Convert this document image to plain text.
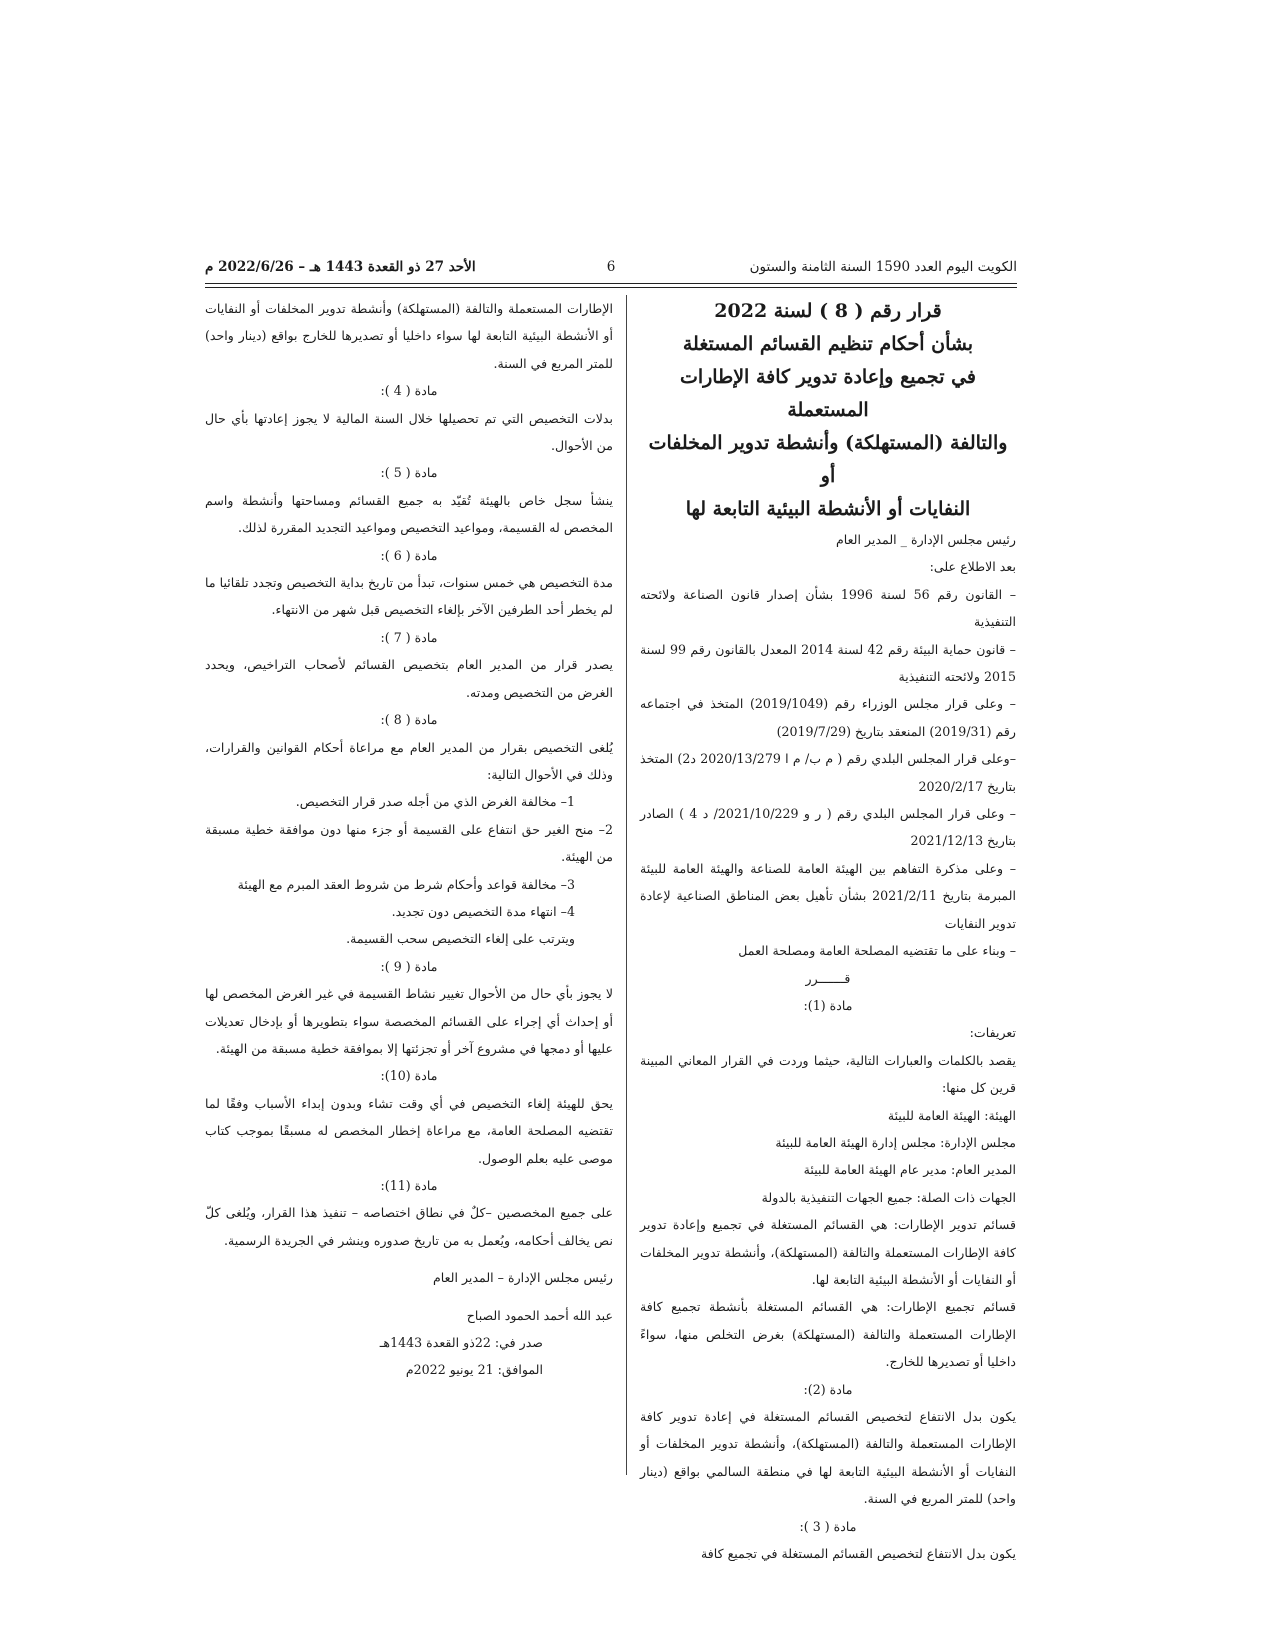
الكويت اليوم العدد 1590 السنة الثامنة والستون
6
الأحد 27 ذو القعدة 1443 هـ – 2022/6/26 م

قرار رقم ( 8 ) لسنة 2022

بشأن أحكام تنظيم القسائم المستغلة

في تجميع وإعادة تدوير كافة الإطارات المستعملة

والتالفة (المستهلكة) وأنشطة تدوير المخلفات أو

النفايات أو الأنشطة البيئية التابعة لها

رئيس مجلس الإدارة _ المدير العام

بعد الاطلاع على:

– القانون رقم 56 لسنة 1996 بشأن إصدار قانون الصناعة ولائحته التنفيذية

– قانون حماية البيئة رقم 42 لسنة 2014 المعدل بالقانون رقم 99 لسنة 2015 ولائحته التنفيذية

– وعلى قرار مجلس الوزراء رقم (2019/1049) المتخذ في اجتماعه رقم (2019/31) المنعقد بتاريخ (2019/7/29)

–وعلى قرار المجلس البلدي رقم ( م ب/ م ا 2020/13/279 د2) المتخذ بتاريخ 2020/2/17

– وعلى قرار المجلس البلدي رقم ( ر و 2021/10/229/ د 4 ) الصادر بتاريخ 2021/12/13

– وعلى مذكرة التفاهم بين الهيئة العامة للصناعة والهيئة العامة للبيئة المبرمة بتاريخ 2021/2/11 بشأن تأهيل بعض المناطق الصناعية لإعادة تدوير النفايات

– وبناء على ما تقتضيه المصلحة العامة ومصلحة العمل

قـــــــرر

مادة (1):

تعريفات:

يقصد بالكلمات والعبارات التالية، حيثما وردت في القرار المعاني المبينة قرين كل منها:

الهيئة: الهيئة العامة للبيئة

مجلس الإدارة: مجلس إدارة الهيئة العامة للبيئة

المدير العام: مدير عام الهيئة العامة للبيئة

الجهات ذات الصلة: جميع الجهات التنفيذية بالدولة

قسائم تدوير الإطارات: هي القسائم المستغلة في تجميع وإعادة تدوير كافة الإطارات المستعملة والتالفة (المستهلكة)، وأنشطة تدوير المخلفات أو النفايات أو الأنشطة البيئية التابعة لها.

قسائم تجميع الإطارات: هي القسائم المستغلة بأنشطة تجميع كافة الإطارات المستعملة والتالفة (المستهلكة) بغرض التخلص منها، سواءً داخليا أو تصديرها للخارج.

مادة (2):

يكون بدل الانتفاع لتخصيص القسائم المستغلة في إعادة تدوير كافة الإطارات المستعملة والتالفة (المستهلكة)، وأنشطة تدوير المخلفات أو النفايات أو الأنشطة البيئية التابعة لها في منطقة السالمي بواقع (دينار واحد) للمتر المربع في السنة.

مادة ( 3 ):

يكون بدل الانتفاع لتخصيص القسائم المستغلة في تجميع كافة

الإطارات المستعملة والتالفة (المستهلكة) وأنشطة تدوير المخلفات أو النفايات أو الأنشطة البيئية التابعة لها سواء داخليا أو تصديرها للخارج بواقع (دينار واحد) للمتر المربع في السنة.

مادة ( 4 ):

بدلات التخصيص التي تم تحصيلها خلال السنة المالية لا يجوز إعادتها بأي حال من الأحوال.

مادة ( 5 ):

ينشأ سجل خاص بالهيئة تُقيّد به جميع القسائم ومساحتها وأنشطة واسم المخصص له القسيمة، ومواعيد التخصيص ومواعيد التجديد المقررة لذلك.

مادة ( 6 ):

مدة التخصيص هي خمس سنوات، تبدأ من تاريخ بداية التخصيص وتجدد تلقائيا ما لم يخطر أحد الطرفين الآخر بإلغاء التخصيص قبل شهر من الانتهاء.

مادة ( 7 ):

يصدر قرار من المدير العام بتخصيص القسائم لأصحاب التراخيص، ويحدد الغرض من التخصيص ومدته.

مادة ( 8 ):

يُلغى التخصيص بقرار من المدير العام مع مراعاة أحكام القوانين والقرارات، وذلك في الأحوال التالية:

1– مخالفة الغرض الذي من أجله صدر قرار التخصيص.

2– منح الغير حق انتفاع على القسيمة أو جزء منها دون موافقة خطية مسبقة من الهيئة.

3– مخالفة قواعد وأحكام شرط من شروط العقد المبرم مع الهيئة

4– انتهاء مدة التخصيص دون تجديد.

ويترتب على إلغاء التخصيص سحب القسيمة.

مادة ( 9 ):

لا يجوز بأي حال من الأحوال تغيير نشاط القسيمة في غير الغرض المخصص لها أو إحداث أي إجراء على القسائم المخصصة سواء بتطويرها أو بإدخال تعديلات عليها أو دمجها في مشروع آخر أو تجزئتها إلا بموافقة خطية مسبقة من الهيئة.

مادة (10):

يحق للهيئة إلغاء التخصيص في أي وقت تشاء وبدون إبداء الأسباب وفقًا لما تقتضيه المصلحة العامة، مع مراعاة إخطار المخصص له مسبقًا بموجب كتاب موصى عليه بعلم الوصول.

مادة (11):

على جميع المخصصين –كلٌ في نطاق اختصاصه – تنفيذ هذا القرار، ويُلغى كلّ نص يخالف أحكامه، ويُعمل به من تاريخ صدوره وينشر في الجريدة الرسمية.

رئيس مجلس الإدارة – المدير العام

عبد الله أحمد الحمود الصباح

صدر في: 22ذو القعدة 1443هـ

الموافق: 21 يونيو 2022م
